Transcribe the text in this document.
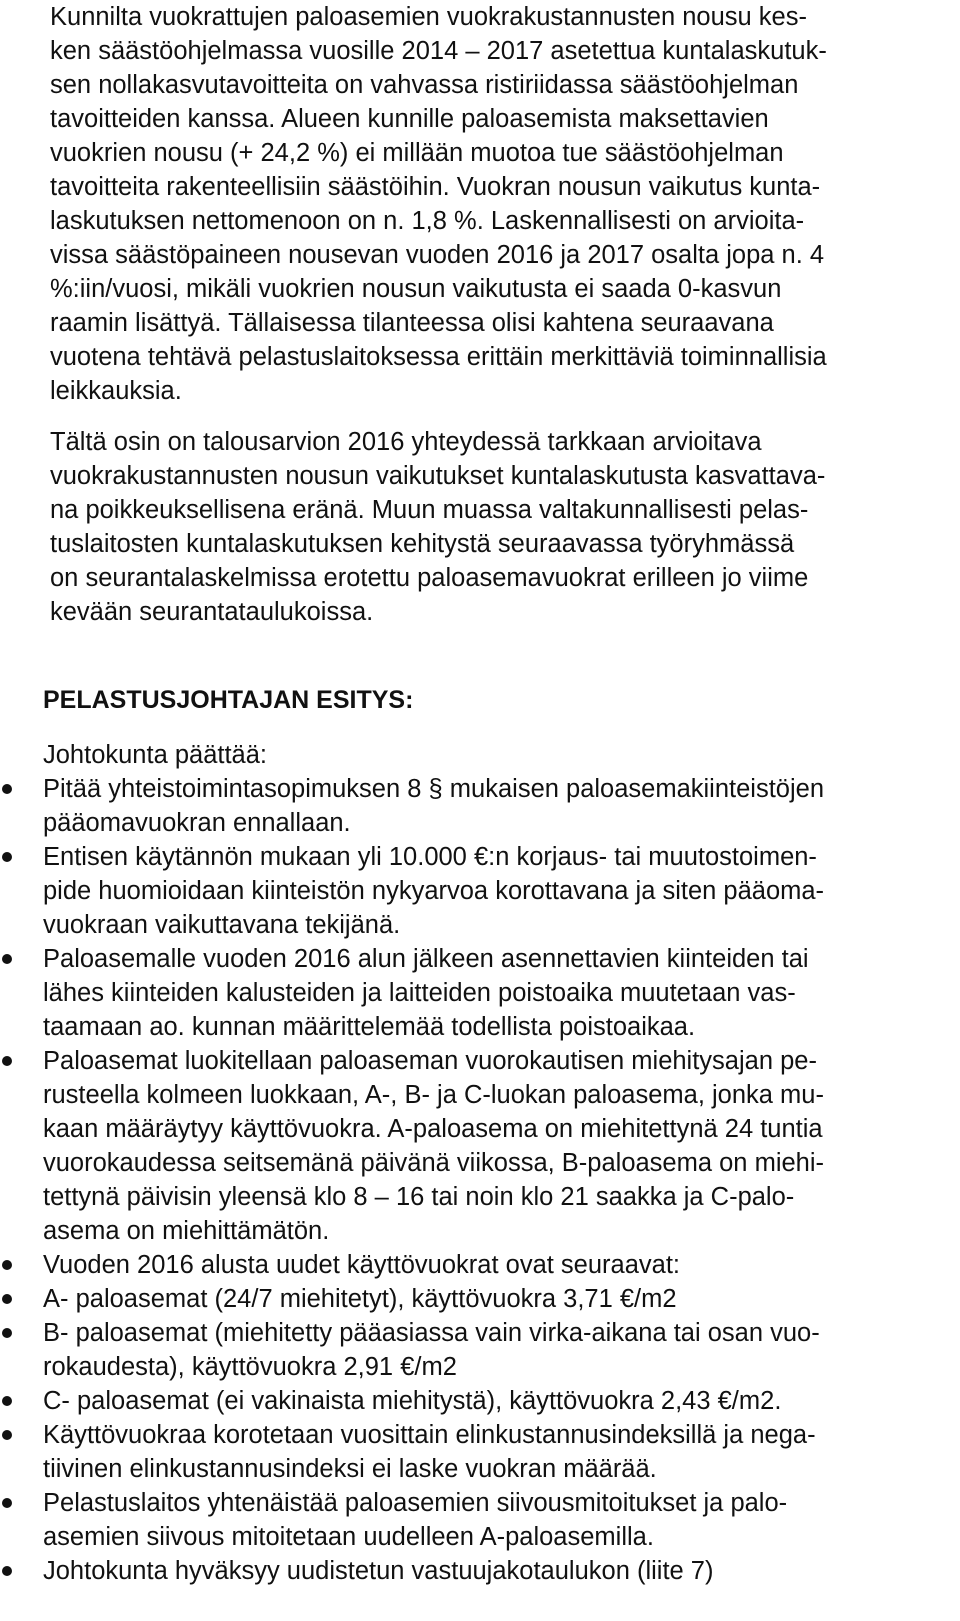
Kunnilta vuokrattujen paloasemien vuokrakustannusten nousu kes-
ken säästöohjelmassa vuosille 2014 – 2017 asetettua kuntalaskutuk-
sen nollakasvutavoitteita on vahvassa ristiriidassa säästöohjelman
tavoitteiden kanssa. Alueen kunnille paloasemista maksettavien
vuokrien nousu (+ 24,2 %) ei millään muotoa tue säästöohjelman
tavoitteita rakenteellisiin säästöihin. Vuokran nousun vaikutus kunta-
laskutuksen nettomenoon on n. 1,8 %. Laskennallisesti on arvioita-
vissa säästöpaineen nousevan vuoden 2016 ja 2017 osalta jopa n. 4
%:iin/vuosi, mikäli vuokrien nousun vaikutusta ei saada 0-kasvun
raamin lisättyä. Tällaisessa tilanteessa olisi kahtena seuraavana
vuotena tehtävä pelastuslaitoksessa erittäin merkittäviä toiminnallisia
leikkauksia.
Tältä osin on talousarvion 2016 yhteydessä tarkkaan arvioitava
vuokrakustannusten nousun vaikutukset kuntalaskutusta kasvattava-
na poikkeuksellisena eränä. Muun muassa valtakunnallisesti pelas-
tuslaitosten kuntalaskutuksen kehitystä seuraavassa työryhmässä
on seurantalaskelmissa erotettu paloasemavuokrat erilleen jo viime
kevään seurantataulukoissa.
PELASTUSJOHTAJAN ESITYS:
Johtokunta päättää:
Pitää yhteistoimintasopimuksen 8 § mukaisen paloasemakiinteistöjen
pääomavuokran ennallaan.
Entisen käytännön mukaan yli 10.000 €:n korjaus- tai muutostoimen-
pide huomioidaan kiinteistön nykyarvoa korottavana ja siten pääoma-
vuokraan vaikuttavana tekijänä.
Paloasemalle vuoden 2016 alun jälkeen asennettavien kiinteiden tai
lähes kiinteiden kalusteiden ja laitteiden poistoaika muutetaan vas-
taamaan ao. kunnan määrittelemää todellista poistoaikaa.
Paloasemat luokitellaan paloaseman vuorokautisen miehitysajan pe-
rusteella kolmeen luokkaan, A-, B- ja C-luokan paloasema, jonka mu-
kaan määräytyy käyttövuokra. A-paloasema on miehitettynä 24 tuntia
vuorokaudessa seitsemänä päivänä viikossa, B-paloasema on miehi-
tettynä päivisin yleensä klo 8 – 16 tai noin klo 21 saakka ja C-palo-
asema on miehittämätön.
Vuoden 2016 alusta uudet käyttövuokrat ovat seuraavat:
A- paloasemat (24/7 miehitetyt), käyttövuokra 3,71 €/m2
B- paloasemat (miehitetty pääasiassa vain virka-aikana tai osan vuo-
rokaudesta), käyttövuokra 2,91 €/m2
C- paloasemat (ei vakinaista miehitystä), käyttövuokra 2,43 €/m2.
Käyttövuokraa korotetaan vuosittain elinkustannusindeksillä ja nega-
tiivinen elinkustannusindeksi ei laske vuokran määrää.
Pelastuslaitos yhtenäistää paloasemien siivousmitoitukset ja palo-
asemien siivous mitoitetaan uudelleen A-paloasemilla.
Johtokunta hyväksyy uudistetun vastuujakotaulukon (liite 7)
